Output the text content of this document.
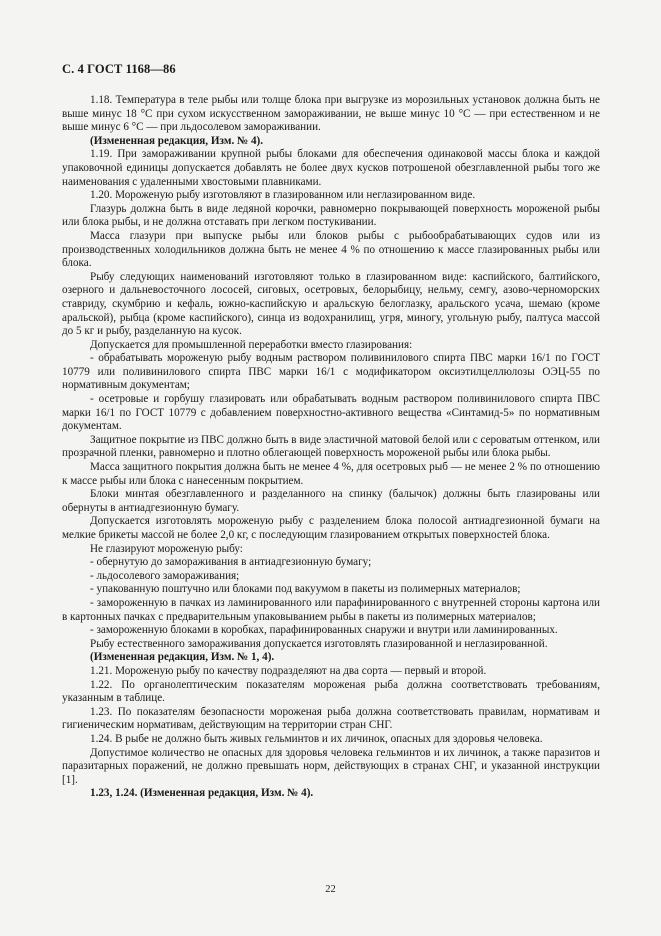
С. 4 ГОСТ 1168—86

1.18. Температура в теле рыбы или толще блока при выгрузке из морозильных установок должна быть не выше минус 18 °С при сухом искусственном замораживании, не выше минус 10 °С — при естественном и не выше минус 6 °С — при льдосолевом замораживании.

(Измененная редакция, Изм. № 4).

1.19. При замораживании крупной рыбы блоками для обеспечения одинаковой массы блока и каждой упаковочной единицы допускается добавлять не более двух кусков потрошеной обезглавленной рыбы того же наименования с удаленными хвостовыми плавниками.

1.20. Мороженую рыбу изготовляют в глазированном или неглазированном виде.

Глазурь должна быть в виде ледяной корочки, равномерно покрывающей поверхность мороженой рыбы или блока рыбы, и не должна отставать при легком постукивании.

Масса глазури при выпуске рыбы или блоков рыбы с рыбообрабатывающих судов или из производственных холодильников должна быть не менее 4 % по отношению к массе глазированных рыбы или блока.

Рыбу следующих наименований изготовляют только в глазированном виде: каспийского, балтийского, озерного и дальневосточного лососей, сиговых, осетровых, белорыбицу, нельму, семгу, азово-черноморских ставриду, скумбрию и кефаль, южно-каспийскую и аральскую белоглазку, аральского усача, шемаю (кроме аральской), рыбца (кроме каспийского), синца из водохранилищ, угря, миногу, угольную рыбу, палтуса массой до 5 кг и рыбу, разделанную на кусок.

Допускается для промышленной переработки вместо глазирования:

- обрабатывать мороженую рыбу водным раствором поливинилового спирта ПВС марки 16/1 по ГОСТ 10779 или поливинилового спирта ПВС марки 16/1 с модификатором оксиэтилцеллюлозы ОЭЦ-55 по нормативным документам;

- осетровые и горбушу глазировать или обрабатывать водным раствором поливинилового спирта ПВС марки 16/1 по ГОСТ 10779 с добавлением поверхностно-активного вещества «Синтамид-5» по нормативным документам.

Защитное покрытие из ПВС должно быть в виде эластичной матовой белой или с сероватым оттенком, или прозрачной пленки, равномерно и плотно облегающей поверхность мороженой рыбы или блока рыбы.

Масса защитного покрытия должна быть не менее 4 %, для осетровых рыб — не менее 2 % по отношению к массе рыбы или блока с нанесенным покрытием.

Блоки минтая обезглавленного и разделанного на спинку (балычок) должны быть глазированы или обернуты в антиадгезионную бумагу.

Допускается изготовлять мороженую рыбу с разделением блока полосой антиадгезионной бумаги на мелкие брикеты массой не более 2,0 кг, с последующим глазированием открытых поверхностей блока.

Не глазируют мороженую рыбу:

- обернутую до замораживания в антиадгезионную бумагу;

- льдосолевого замораживания;

- упакованную поштучно или блоками под вакуумом в пакеты из полимерных материалов;

- замороженную в пачках из ламинированного или парафинированного с внутренней стороны картона или в картонных пачках с предварительным упаковыванием рыбы в пакеты из полимерных материалов;

- замороженную блоками в коробках, парафинированных снаружи и внутри или ламинированных.

Рыбу естественного замораживания допускается изготовлять глазированной и неглазированной.

(Измененная редакция, Изм. № 1, 4).

1.21. Мороженую рыбу по качеству подразделяют на два сорта — первый и второй.

1.22. По органолептическим показателям мороженая рыба должна соответствовать требованиям, указанным в таблице.

1.23. По показателям безопасности мороженая рыба должна соответствовать правилам, нормативам и гигиеническим нормативам, действующим на территории стран СНГ.

1.24. В рыбе не должно быть живых гельминтов и их личинок, опасных для здоровья человека.

Допустимое количество не опасных для здоровья человека гельминтов и их личинок, а также паразитов и паразитарных поражений, не должно превышать норм, действующих в странах СНГ, и указанной инструкции [1].

1.23, 1.24. (Измененная редакция, Изм. № 4).

22
